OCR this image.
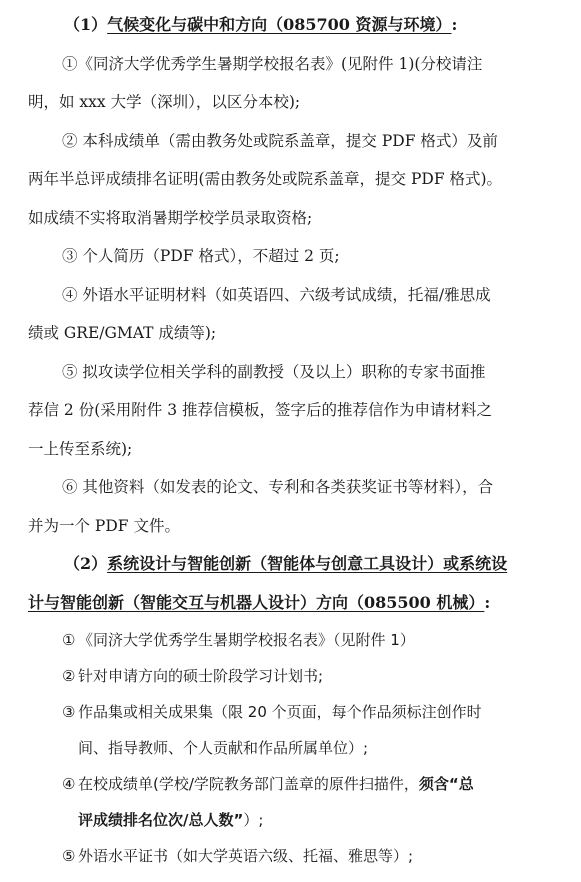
（1）气候变化与碳中和方向（085700 资源与环境）:
①《同济大学优秀学生暑期学校报名表》(见附件 1)(分校请注
明，如 xxx 大学（深圳），以区分本校);
② 本科成绩单（需由教务处或院系盖章，提交 PDF 格式）及前
两年半总评成绩排名证明(需由教务处或院系盖章，提交 PDF 格式)。
如成绩不实将取消暑期学校学员录取资格;
③ 个人简历（PDF 格式），不超过 2 页;
④ 外语水平证明材料（如英语四、六级考试成绩，托福/雅思成
绩或 GRE/GMAT 成绩等);
⑤ 拟攻读学位相关学科的副教授（及以上）职称的专家书面推
荐信 2 份(采用附件 3 推荐信模板，签字后的推荐信作为申请材料之
一上传至系统);
⑥ 其他资料（如发表的论文、专利和各类获奖证书等材料），合
并为一个 PDF 文件。
（2）系统设计与智能创新（智能体与创意工具设计）或系统设
计与智能创新（智能交互与机器人设计）方向（085500 机械）:
① 《同济大学优秀学生暑期学校报名表》（见附件 1）
② 针对申请方向的硕士阶段学习计划书;
③ 作品集或相关成果集（限 20 个页面，每个作品须标注创作时
间、指导教师、个人贡献和作品所属单位）;
④ 在校成绩单(学校/学院教务部门盖章的原件扫描件，须含“总
评成绩排名位次/总人数”）;
⑤ 外语水平证书（如大学英语六级、托福、雅思等）;
